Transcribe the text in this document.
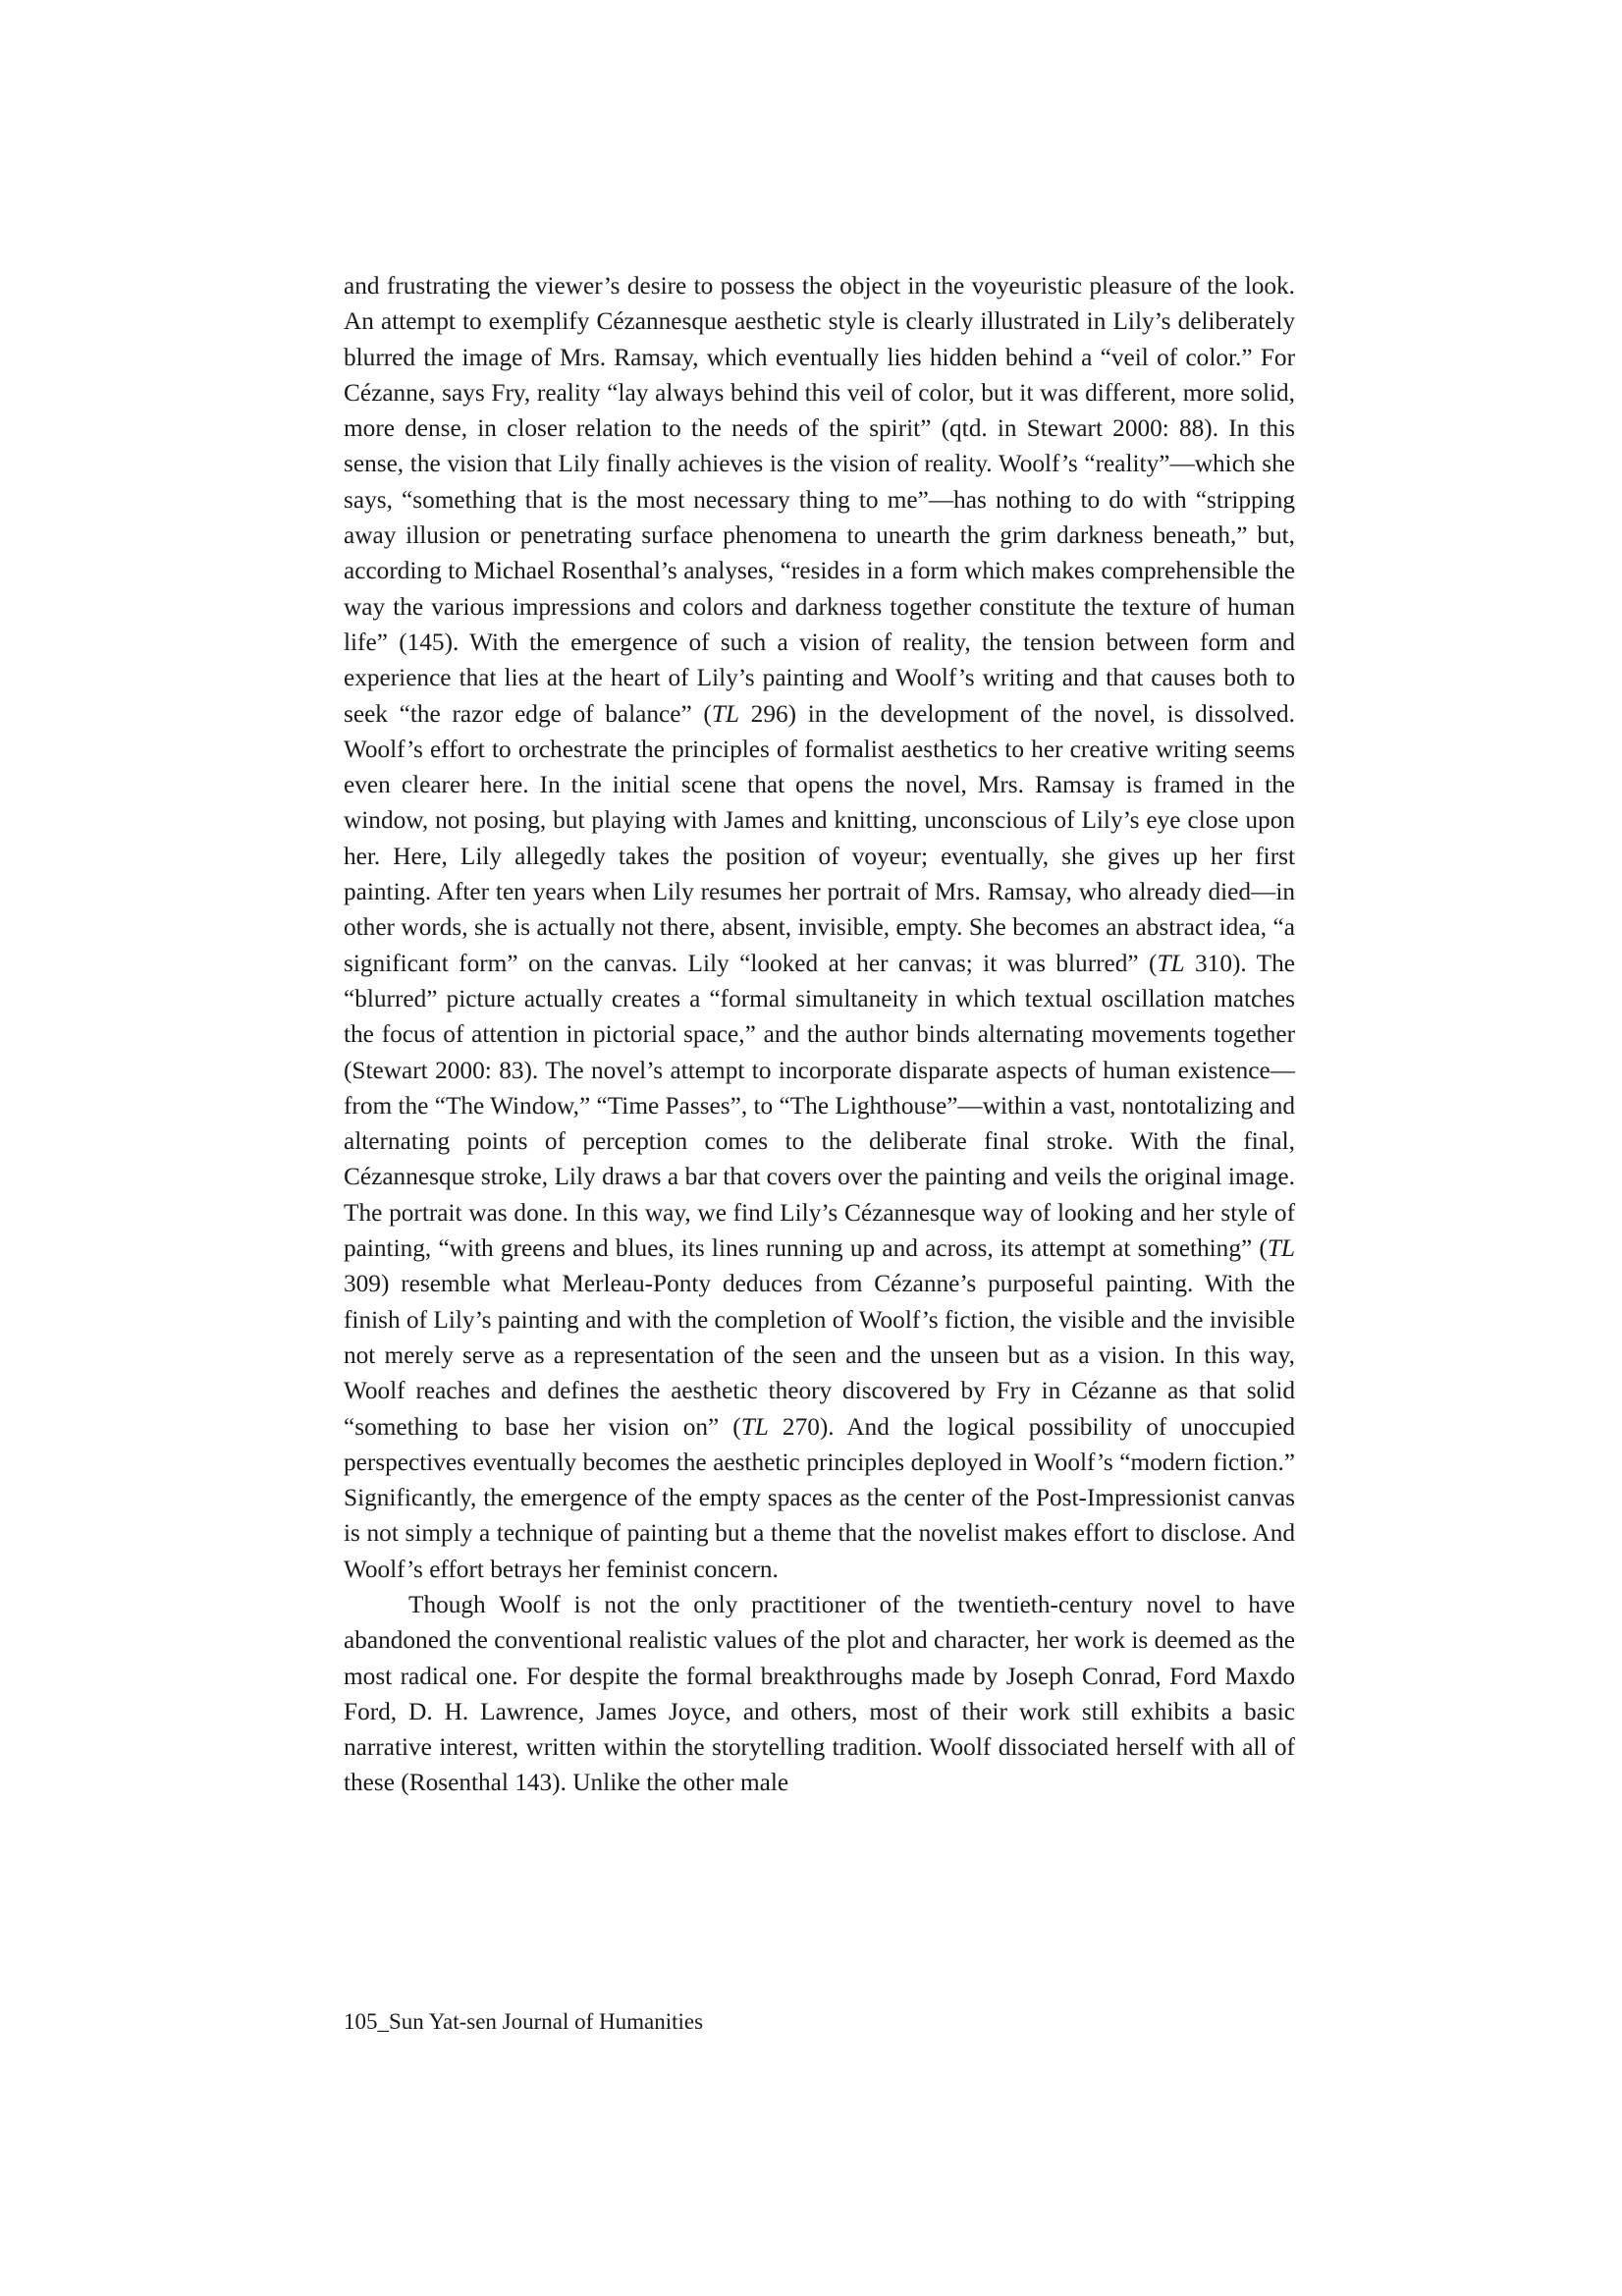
and frustrating the viewer’s desire to possess the object in the voyeuristic pleasure of the look. An attempt to exemplify Cézannesque aesthetic style is clearly illustrated in Lily’s deliberately blurred the image of Mrs. Ramsay, which eventually lies hidden behind a “veil of color.” For Cézanne, says Fry, reality “lay always behind this veil of color, but it was different, more solid, more dense, in closer relation to the needs of the spirit” (qtd. in Stewart 2000: 88). In this sense, the vision that Lily finally achieves is the vision of reality. Woolf’s “reality”—which she says, “something that is the most necessary thing to me”—has nothing to do with “stripping away illusion or penetrating surface phenomena to unearth the grim darkness beneath,” but, according to Michael Rosenthal’s analyses, “resides in a form which makes comprehensible the way the various impressions and colors and darkness together constitute the texture of human life” (145). With the emergence of such a vision of reality, the tension between form and experience that lies at the heart of Lily’s painting and Woolf’s writing and that causes both to seek “the razor edge of balance” (TL 296) in the development of the novel, is dissolved. Woolf’s effort to orchestrate the principles of formalist aesthetics to her creative writing seems even clearer here. In the initial scene that opens the novel, Mrs. Ramsay is framed in the window, not posing, but playing with James and knitting, unconscious of Lily’s eye close upon her. Here, Lily allegedly takes the position of voyeur; eventually, she gives up her first painting. After ten years when Lily resumes her portrait of Mrs. Ramsay, who already died—in other words, she is actually not there, absent, invisible, empty. She becomes an abstract idea, “a significant form” on the canvas. Lily “looked at her canvas; it was blurred” (TL 310). The “blurred” picture actually creates a “formal simultaneity in which textual oscillation matches the focus of attention in pictorial space,” and the author binds alternating movements together (Stewart 2000: 83). The novel’s attempt to incorporate disparate aspects of human existence—from the “The Window,” “Time Passes”, to “The Lighthouse”—within a vast, nontotalizing and alternating points of perception comes to the deliberate final stroke. With the final, Cézannesque stroke, Lily draws a bar that covers over the painting and veils the original image. The portrait was done. In this way, we find Lily’s Cézannesque way of looking and her style of painting, “with greens and blues, its lines running up and across, its attempt at something” (TL 309) resemble what Merleau-Ponty deduces from Cézanne’s purposeful painting. With the finish of Lily’s painting and with the completion of Woolf’s fiction, the visible and the invisible not merely serve as a representation of the seen and the unseen but as a vision. In this way, Woolf reaches and defines the aesthetic theory discovered by Fry in Cézanne as that solid “something to base her vision on” (TL 270). And the logical possibility of unoccupied perspectives eventually becomes the aesthetic principles deployed in Woolf’s “modern fiction.” Significantly, the emergence of the empty spaces as the center of the Post-Impressionist canvas is not simply a technique of painting but a theme that the novelist makes effort to disclose. And Woolf’s effort betrays her feminist concern.

Though Woolf is not the only practitioner of the twentieth-century novel to have abandoned the conventional realistic values of the plot and character, her work is deemed as the most radical one. For despite the formal breakthroughs made by Joseph Conrad, Ford Maxdo Ford, D. H. Lawrence, James Joyce, and others, most of their work still exhibits a basic narrative interest, written within the storytelling tradition. Woolf dissociated herself with all of these (Rosenthal 143). Unlike the other male

105_Sun Yat-sen Journal of Humanities
